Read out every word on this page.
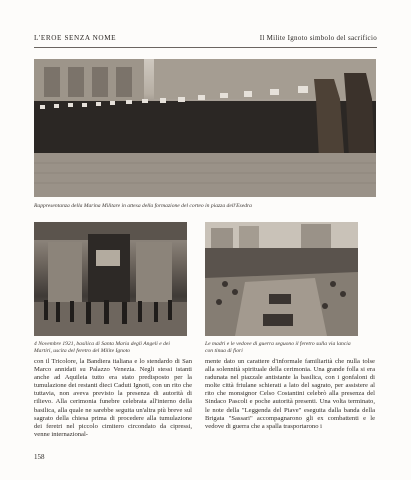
L'EROE SENZA NOME	Il Milite Ignoto simbolo del sacrificio
Rappresentanza della Marina Militare in attesa della formazione del corteo in piazza dell'Esedra
4 Novembre 1921, basilica di Santa Maria degli Angeli e dei Martiri, uscita del feretro del Milite Ignoto
Le madri e le vedove di guerra seguono il feretro sulla via lancia con tinua di fiori

con il Tricolore, la Bandiera italiana e lo stendardo di San Marco annidati su Palazzo Venezia. Negli stessi istanti anche ad Aquileia tutto era stato predisposto per la tumulazione dei restanti dieci Caduti Ignoti, con un rito che tuttavia, non aveva previsto la presenza di autorità di rilievo. Alla cerimonia funebre celebrata all'interno della basilica, alla quale ne sarebbe seguita un'altra più breve sul sagrato della chiesa prima di procedere alla tumulazione dei feretri nel piccolo cimitero circondato da cipressi, vennе internazional-

mente dato un carattere d'informale familiarità che nulla tolse alla solennità spirituale della cerimonia. Una grande folla si era radunata nel piazzale antistante la basilica, con i gonfaloni di molte città friulane schierati a lato del sagrato, per assistere al rito che monsignor Celso Costantini celebrò alla presenza del Sindaco Pascoli e poche autorità presenti. Una volta terminato, le note della "Leggenda del Piave" eseguita dalla banda della Brigata "Sassari" accompagnarono gli ex combattenti e le vedove di guerra che a spalla trasportarono i

158
